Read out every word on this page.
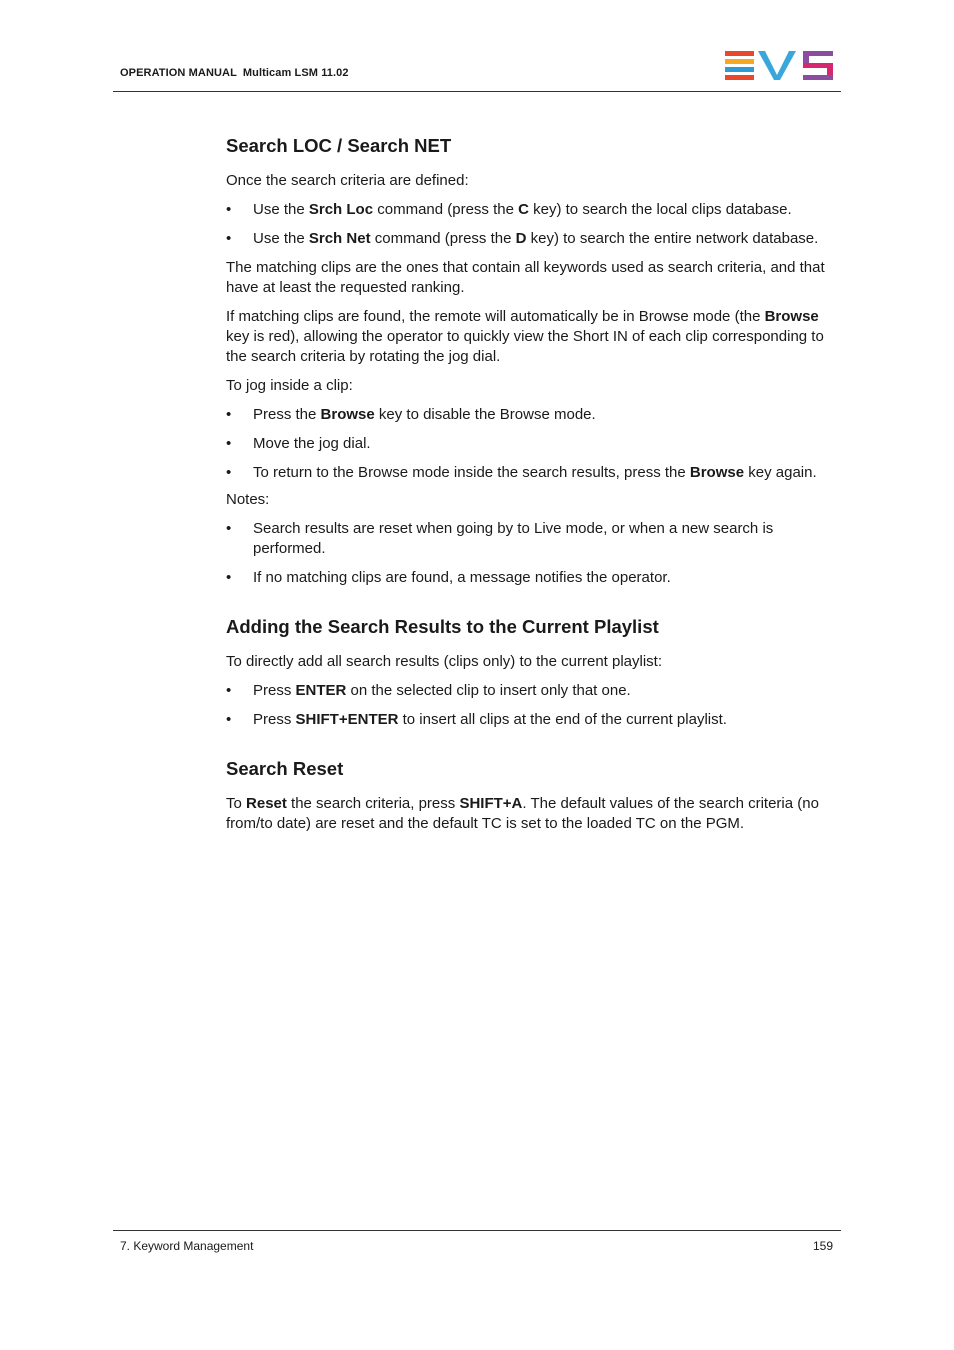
OPERATION MANUAL Multicam LSM 11.02
Search LOC / Search NET

Once the search criteria are defined:

• Use the Srch Loc command (press the C key) to search the local clips database.
• Use the Srch Net command (press the D key) to search the entire network database.

The matching clips are the ones that contain all keywords used as search criteria, and that have at least the requested ranking.

If matching clips are found, the remote will automatically be in Browse mode (the Browse key is red), allowing the operator to quickly view the Short IN of each clip corresponding to the search criteria by rotating the jog dial.

To jog inside a clip:

• Press the Browse key to disable the Browse mode.
• Move the jog dial.
• To return to the Browse mode inside the search results, press the Browse key again.

Notes:

• Search results are reset when going by to Live mode, or when a new search is performed.
• If no matching clips are found, a message notifies the operator.
Adding the Search Results to the Current Playlist

To directly add all search results (clips only) to the current playlist:

• Press ENTER on the selected clip to insert only that one.
• Press SHIFT+ENTER to insert all clips at the end of the current playlist.
Search Reset

To Reset the search criteria, press SHIFT+A. The default values of the search criteria (no from/to date) are reset and the default TC is set to the loaded TC on the PGM.

7. Keyword Management	159
